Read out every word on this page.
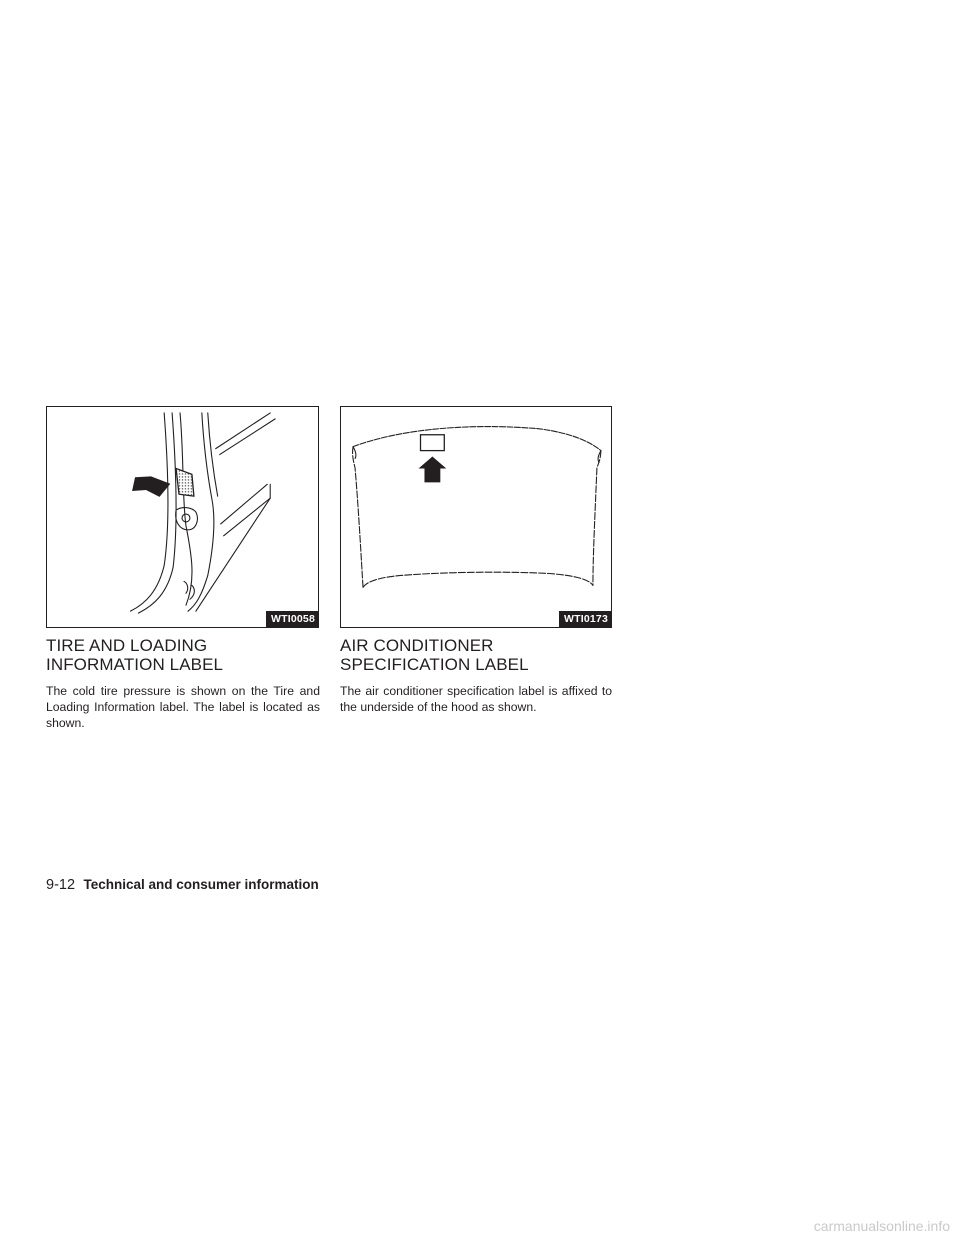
WTI0058	WTI0173
TIRE AND LOADING INFORMATION LABEL

The cold tire pressure is shown on the Tire and Loading Information label. The label is located as shown.

AIR CONDITIONER SPECIFICATION LABEL

The air conditioner specification label is affixed to the underside of the hood as shown.

9-12 Technical and consumer information
carmanualsonline.info
